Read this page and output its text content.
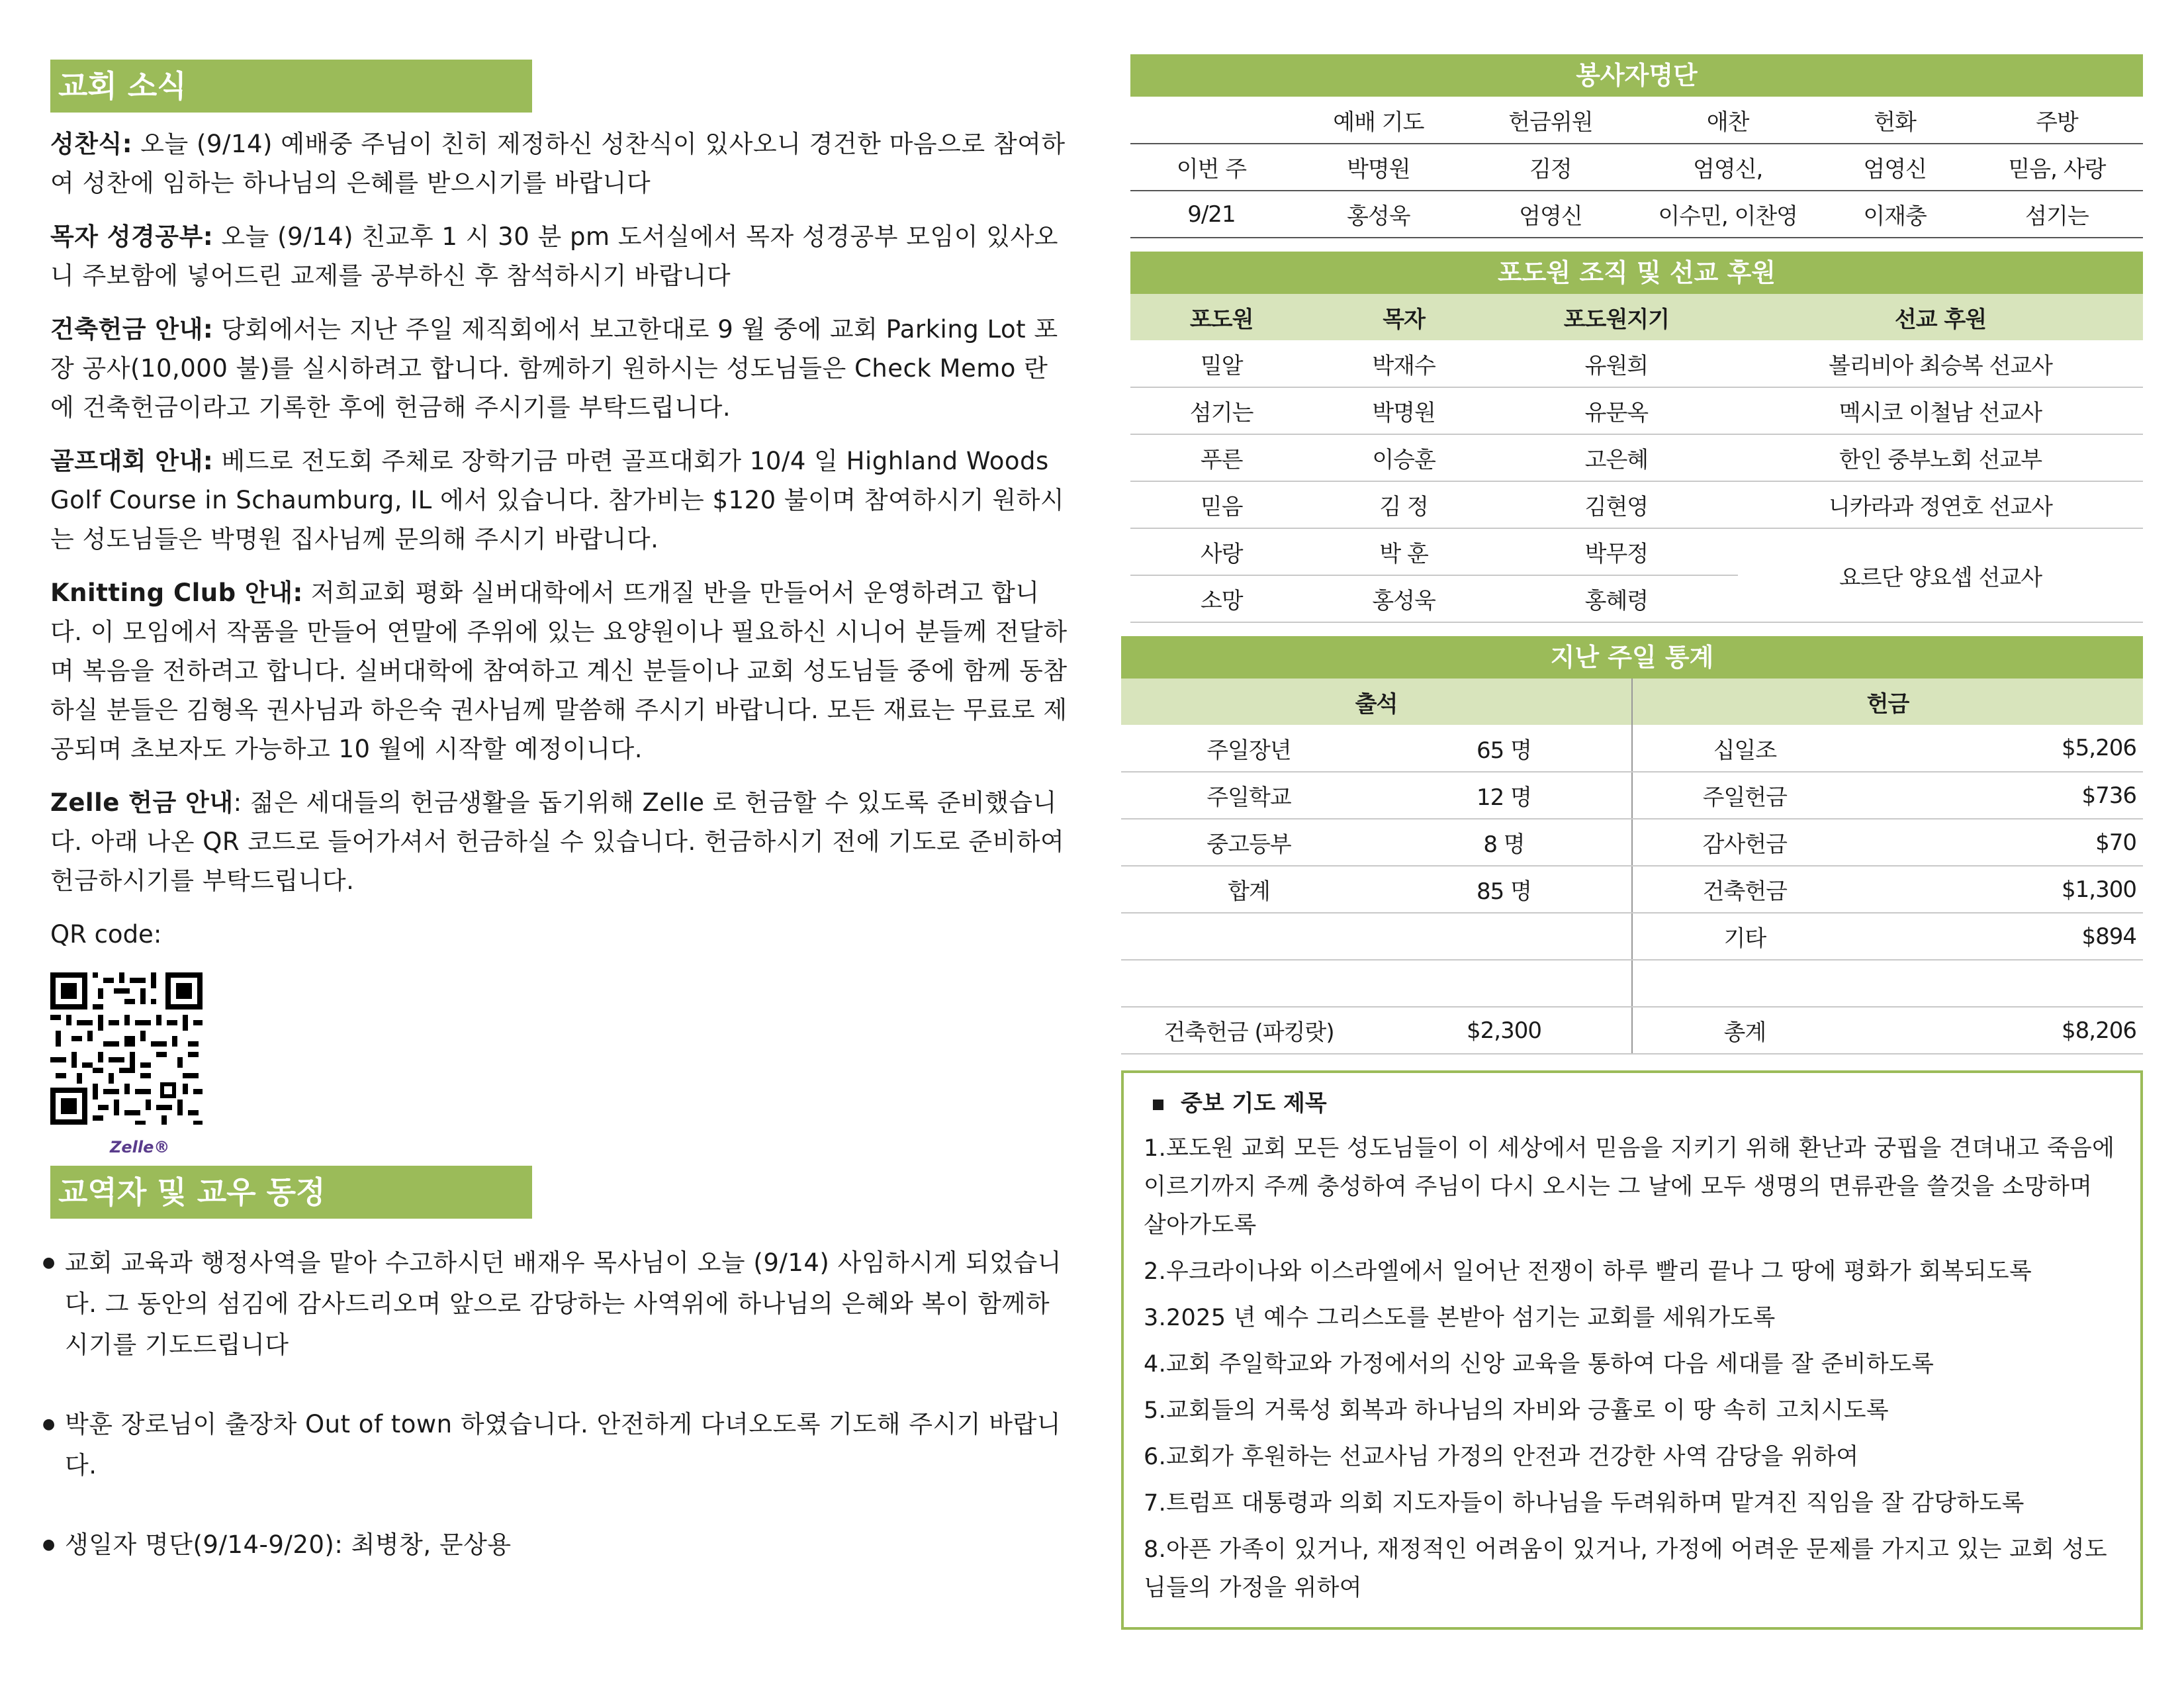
교회 소식

성찬식: 오늘 (9/14) 예배중 주님이 친히 제정하신 성찬식이 있사오니 경건한 마음으로 참여하여 성찬에 임하는 하나님의 은혜를 받으시기를 바랍니다

목자 성경공부: 오늘 (9/14) 친교후 1 시 30 분 pm 도서실에서 목자 성경공부 모임이 있사오니 주보함에 넣어드린 교제를 공부하신 후 참석하시기 바랍니다

건축헌금 안내: 당회에서는 지난 주일 제직회에서 보고한대로 9 월 중에 교회 Parking Lot 포장 공사(10,000 불)를 실시하려고 합니다. 함께하기 원하시는 성도님들은 Check Memo 란에 건축헌금이라고 기록한 후에 헌금해 주시기를 부탁드립니다.

골프대회 안내: 베드로 전도회 주체로 장학기금 마련 골프대회가 10/4 일 Highland Woods Golf Course in Schaumburg, IL 에서 있습니다. 참가비는 $120 불이며 참여하시기 원하시는 성도님들은 박명원 집사님께 문의해 주시기 바랍니다.

Knitting Club 안내: 저희교회 평화 실버대학에서 뜨개질 반을 만들어서 운영하려고 합니다. 이 모임에서 작품을 만들어 연말에 주위에 있는 요양원이나 필요하신 시니어 분들께 전달하며 복음을 전하려고 합니다. 실버대학에 참여하고 계신 분들이나 교회 성도님들 중에 함께 동참하실 분들은 김형옥 권사님과 하은숙 권사님께 말씀해 주시기 바랍니다. 모든 재료는 무료로 제공되며 초보자도 가능하고 10 월에 시작할 예정이니다.

Zelle 헌금 안내: 젊은 세대들의 헌금생활을 돕기위해 Zelle 로 헌금할 수 있도록 준비했습니다. 아래 나온 QR 코드로 들어가셔서 헌금하실 수 있습니다. 헌금하시기 전에 기도로 준비하여 헌금하시기를 부탁드립니다.

QR code:
Zelle®
교역자 및 교우 동정

● 교회 교육과 행정사역을 맡아 수고하시던 배재우 목사님이 오늘 (9/14) 사임하시게 되었습니다. 그 동안의 섬김에 감사드리오며 앞으로 감당하는 사역위에 하나님의 은혜와 복이 함께하시기를 기도드립니다

● 박훈 장로님이 출장차 Out of town 하였습니다. 안전하게 다녀오도록 기도해 주시기 바랍니다.

● 생일자 명단(9/14-9/20): 최병창, 문상용

봉사자명단
	예배 기도	헌금위원	애찬	헌화	주방
이번 주	박명원	김정	엄영신,	엄영신	믿음, 사랑
9/21	홍성욱	엄영신	이수민, 이찬영	이재충	섬기는
포도원 조직 및 선교 후원
포도원	목자	포도원지기	선교 후원
밀알	박재수	유원희	볼리비아 최승복 선교사
섬기는	박명원	유문옥	멕시코 이철남 선교사
푸른	이승훈	고은혜	한인 중부노회 선교부
믿음	김 정	김현영	니카라과 정연호 선교사
사랑	박 훈	박무정	요르단 양요셉 선교사
소망	홍성욱	홍혜령	
지난 주일 통계
출석		헌금	
주일장년	65 명	십일조	$5,206
주일학교	12 명	주일헌금	$736
중고등부	8 명	감사헌금	$70
합계	85 명	건축헌금	$1,300
		기타	$894

건축헌금 (파킹랏)	$2,300	총계	$8,206
중보 기도 제목

1.포도원 교회 모든 성도님들이 이 세상에서 믿음을 지키기 위해 환난과 궁핍을 견뎌내고 죽음에 이르기까지 주께 충성하여 주님이 다시 오시는 그 날에 모두 생명의 면류관을 쓸것을 소망하며 살아가도록

2.우크라이나와 이스라엘에서 일어난 전쟁이 하루 빨리 끝나 그 땅에 평화가 회복되도록

3.2025 년 예수 그리스도를 본받아 섬기는 교회를 세워가도록

4.교회 주일학교와 가정에서의 신앙 교육을 통하여 다음 세대를 잘 준비하도록

5.교회들의 거룩성 회복과 하나님의 자비와 긍휼로 이 땅 속히 고치시도록

6.교회가 후원하는 선교사님 가정의 안전과 건강한 사역 감당을 위하여

7.트럼프 대통령과 의회 지도자들이 하나님을 두려워하며 맡겨진 직임을 잘 감당하도록

8.아픈 가족이 있거나, 재정적인 어려움이 있거나, 가정에 어려운 문제를 가지고 있는 교회 성도님들의 가정을 위하여
